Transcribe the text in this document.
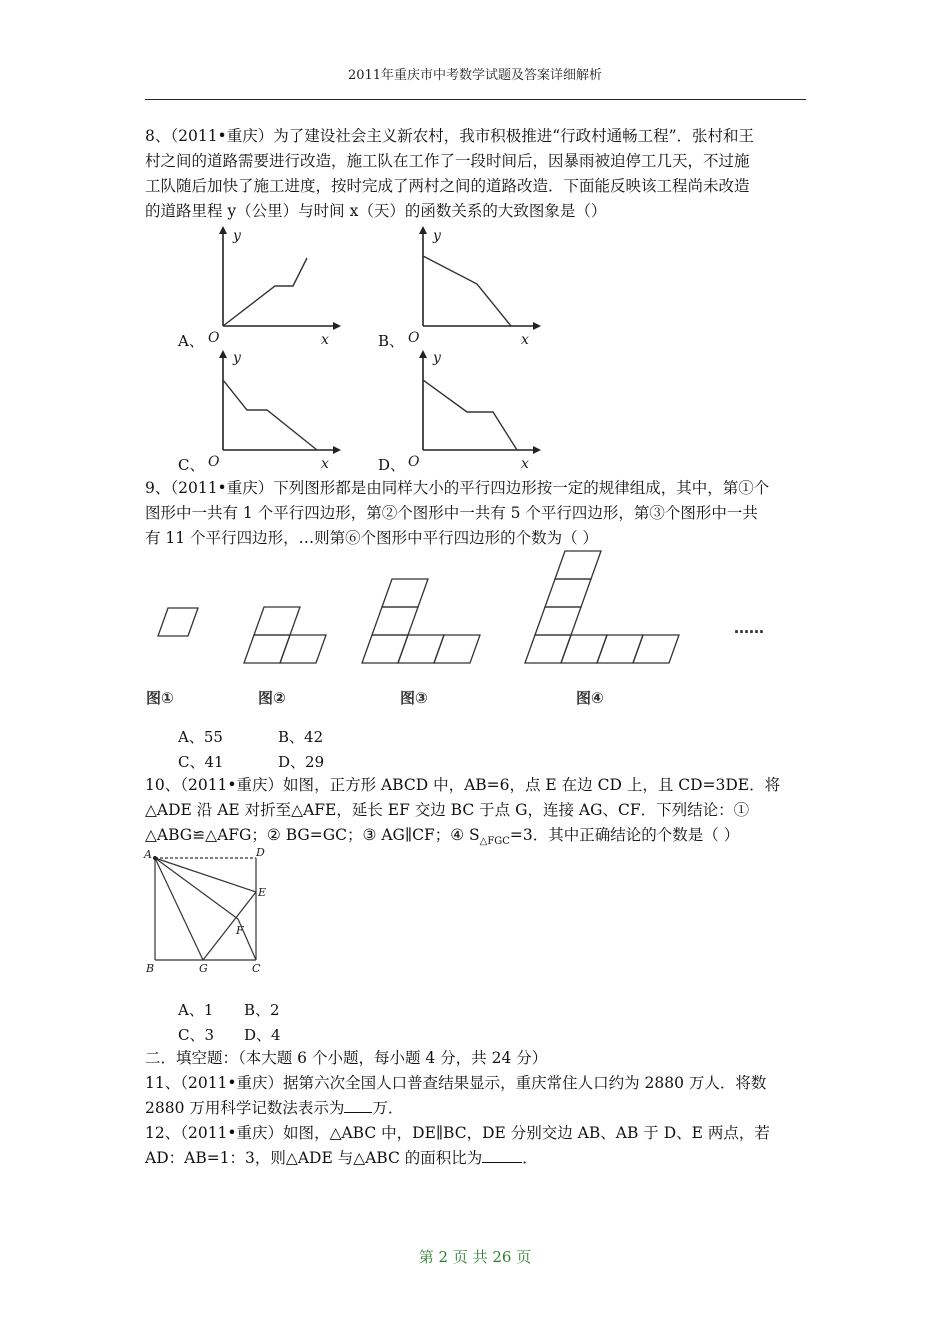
2011年重庆市中考数学试题及答案详细解析
8、（2011•重庆）为了建设社会主义新农村，我市积极推进“行政村通畅工程”．张村和王
村之间的道路需要进行改造，施工队在工作了一段时间后，因暴雨被迫停工几天，不过施
工队随后加快了施工进度，按时完成了两村之间的道路改造．下面能反映该工程尚未改造
的道路里程 y（公里）与时间 x（天）的函数关系的大致图象是（）
A、
y
O	x	B、
y
O	x
C、
y
O	x	D、
y
O	x
9、（2011•重庆）下列图形都是由同样大小的平行四边形按一定的规律组成，其中，第①个
图形中一共有 1 个平行四边形，第②个图形中一共有 5 个平行四边形，第③个图形中一共
有 11 个平行四边形，…则第⑥个图形中平行四边形的个数为（ ）
图①	图②	图③	图④
……
A、55	B、42
C、41	D、29
10、（2011•重庆）如图，正方形 ABCD 中，AB=6，点 E 在边 CD 上，且 CD=3DE．将
△ADE 沿 AE 对折至△AFE，延长 EF 交边 BC 于点 G，连接 AG、CF．下列结论：①
△ABG≌△AFG；② BG=GC；③ AG∥CF；④ $S_{\triangle FGC}=3$．其中正确结论的个数是（ ）
A	D
E
F
B	G	C
A、1 B、2
C、3 D、4
二．填空题：（本大题 6 个小题，每小题 4 分，共 24 分）
11、（2011•重庆）据第六次全国人口普查结果显示，重庆常住人口约为 2880 万人．将数
2880 万用科学记数法表示为 万．
12、（2011•重庆）如图，△ABC 中，DE∥BC，DE 分别交边 AB、AB 于 D、E 两点，若
AD：AB=1：3，则△ADE 与△ABC 的面积比为	．
第 2 页 共 26 页
